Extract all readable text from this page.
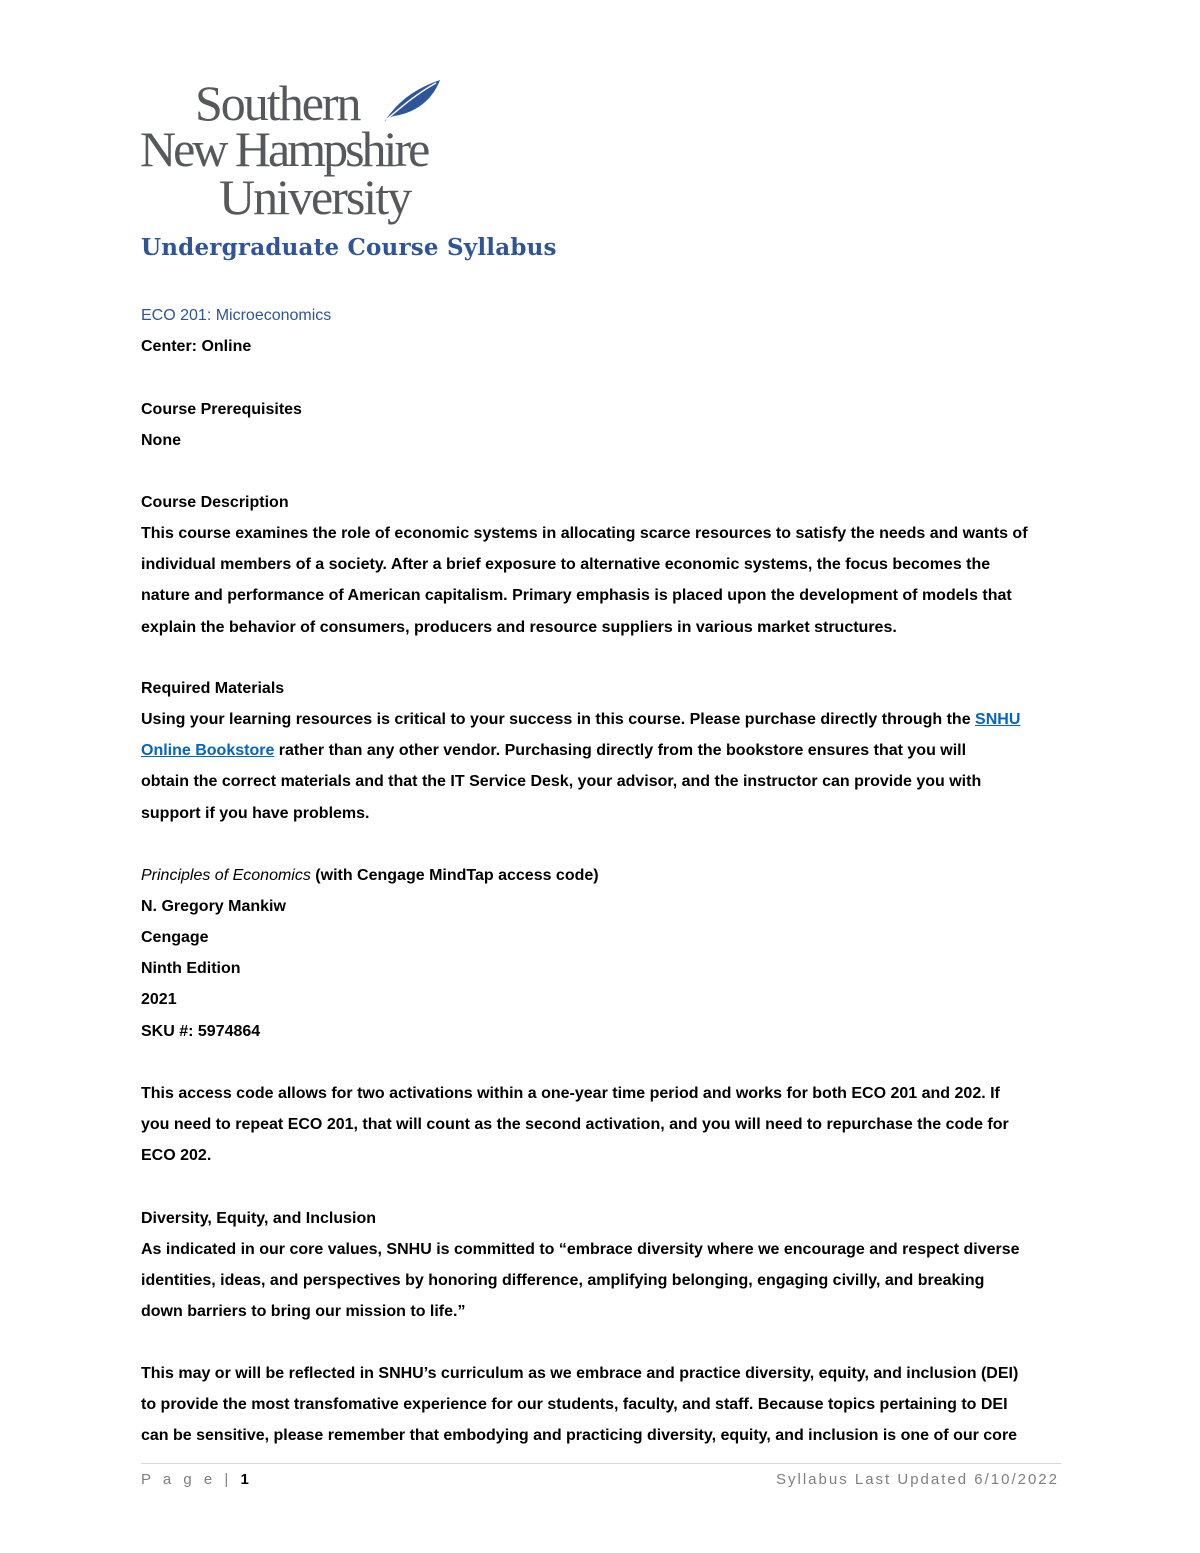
Southern
New Hampshire
University
Undergraduate Course Syllabus
ECO 201: Microeconomics
Center: Online
Course Prerequisites
None
Course Description
This course examines the role of economic systems in allocating scarce resources to satisfy the needs and wants of
individual members of a society. After a brief exposure to alternative economic systems, the focus becomes the
nature and performance of American capitalism. Primary emphasis is placed upon the development of models that
explain the behavior of consumers, producers and resource suppliers in various market structures.
Required Materials
Using your learning resources is critical to your success in this course. Please purchase directly through the SNHU
Online Bookstore rather than any other vendor. Purchasing directly from the bookstore ensures that you will
obtain the correct materials and that the IT Service Desk, your advisor, and the instructor can provide you with
support if you have problems.
Principles of Economics (with Cengage MindTap access code)
N. Gregory Mankiw
Cengage
Ninth Edition
2021
SKU #: 5974864
This access code allows for two activations within a one-year time period and works for both ECO 201 and 202. If
you need to repeat ECO 201, that will count as the second activation, and you will need to repurchase the code for
ECO 202.
Diversity, Equity, and Inclusion
As indicated in our core values, SNHU is committed to “embrace diversity where we encourage and respect diverse
identities, ideas, and perspectives by honoring difference, amplifying belonging, engaging civilly, and breaking
down barriers to bring our mission to life.”
This may or will be reflected in SNHU’s curriculum as we embrace and practice diversity, equity, and inclusion (DEI)
to provide the most transfomative experience for our students, faculty, and staff. Because topics pertaining to DEI
can be sensitive, please remember that embodying and practicing diversity, equity, and inclusion is one of our core
P a g e | 1	Syllabus Last Updated 6/10/2022
